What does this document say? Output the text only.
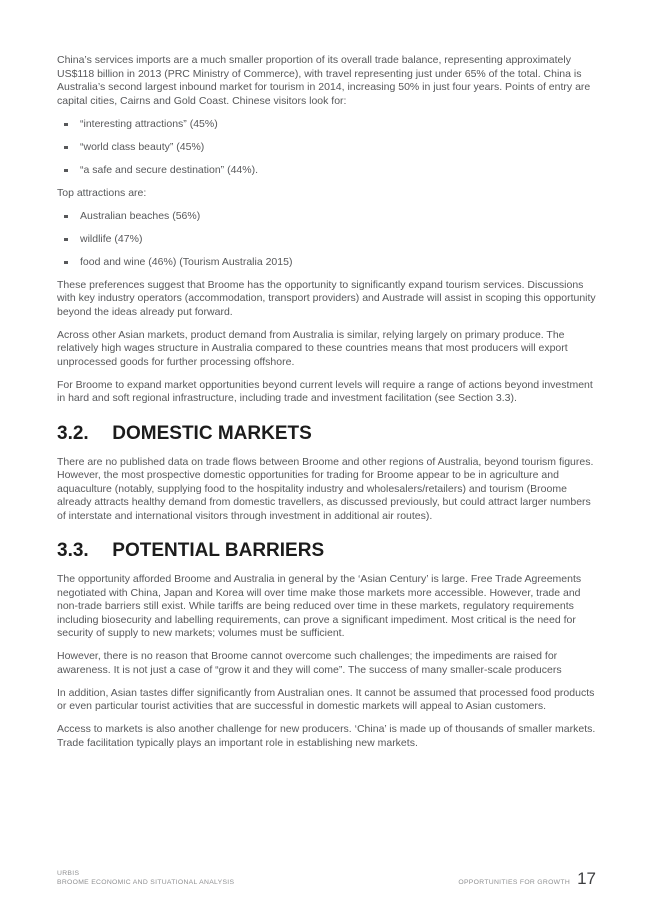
China’s services imports are a much smaller proportion of its overall trade balance, representing approximately US$118 billion in 2013 (PRC Ministry of Commerce), with travel representing just under 65% of the total. China is Australia’s second largest inbound market for tourism in 2014, increasing 50% in just four years. Points of entry are capital cities, Cairns and Gold Coast. Chinese visitors look for:

“interesting attractions” (45%)
“world class beauty” (45%)
“a safe and secure destination” (44%).

Top attractions are:

Australian beaches (56%)
wildlife (47%)
food and wine (46%) (Tourism Australia 2015)

These preferences suggest that Broome has the opportunity to significantly expand tourism services. Discussions with key industry operators (accommodation, transport providers) and Austrade will assist in scoping this opportunity beyond the ideas already put forward.

Across other Asian markets, product demand from Australia is similar, relying largely on primary produce. The relatively high wages structure in Australia compared to these countries means that most producers will export unprocessed goods for further processing offshore.

For Broome to expand market opportunities beyond current levels will require a range of actions beyond investment in hard and soft regional infrastructure, including trade and investment facilitation (see Section 3.3).

3.2. DOMESTIC MARKETS

There are no published data on trade flows between Broome and other regions of Australia, beyond tourism figures. However, the most prospective domestic opportunities for trading for Broome appear to be in agriculture and aquaculture (notably, supplying food to the hospitality industry and wholesalers/retailers) and tourism (Broome already attracts healthy demand from domestic travellers, as discussed previously, but could attract larger numbers of interstate and international visitors through investment in additional air routes).

3.3. POTENTIAL BARRIERS

The opportunity afforded Broome and Australia in general by the ‘Asian Century’ is large. Free Trade Agreements negotiated with China, Japan and Korea will over time make those markets more accessible. However, trade and non-trade barriers still exist. While tariffs are being reduced over time in these markets, regulatory requirements including biosecurity and labelling requirements, can prove a significant impediment. Most critical is the need for security of supply to new markets; volumes must be sufficient.

However, there is no reason that Broome cannot overcome such challenges; the impediments are raised for awareness. It is not just a case of “grow it and they will come”. The success of many smaller-scale producers

In addition, Asian tastes differ significantly from Australian ones. It cannot be assumed that processed food products or even particular tourist activities that are successful in domestic markets will appeal to Asian customers.

Access to markets is also another challenge for new producers. ‘China’ is made up of thousands of smaller markets. Trade facilitation typically plays an important role in establishing new markets.

URBIS
BROOME ECONOMIC AND SITUATIONAL ANALYSIS	OPPORTUNITIES FOR GROWTH 17
